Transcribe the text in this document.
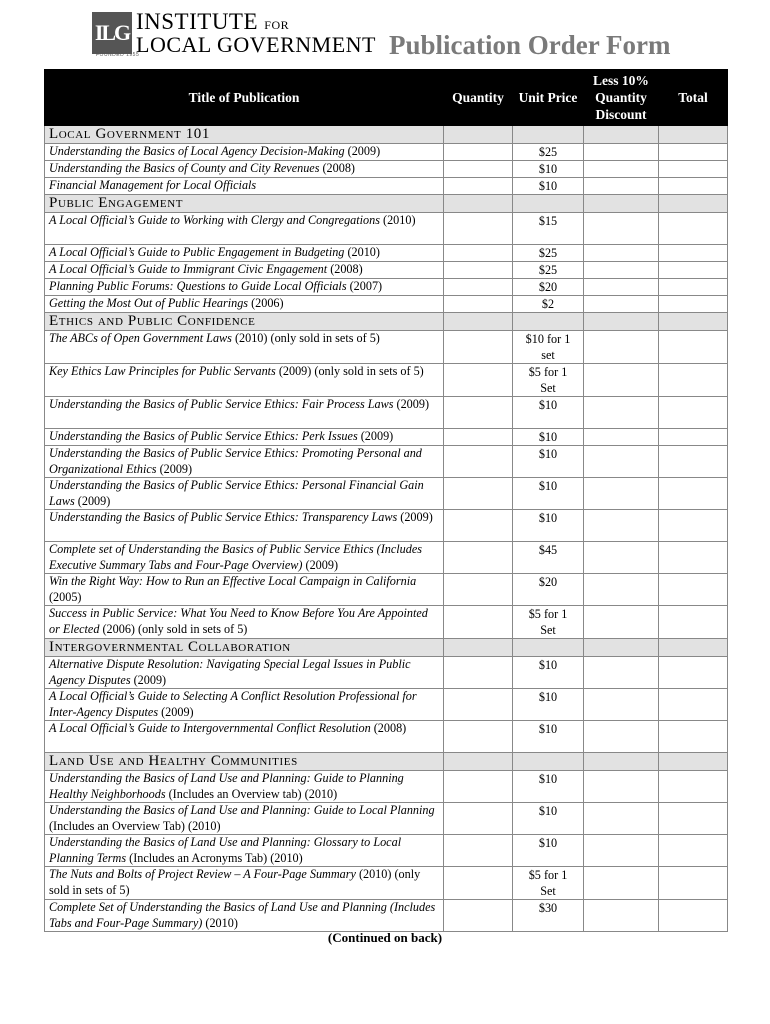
ILG
FOUNDED 1955
INSTITUTE FOR
LOCAL GOVERNMENT Publication Order Form
Title of Publication	Quantity	Unit Price	Less 10% Quantity Discount	Total
Local Government 101				
Understanding the Basics of Local Agency Decision-Making (2009)		$25		

Understanding the Basics of County and City Revenues (2008)		$10		

Financial Management for Local Officials		$10		

Public Engagement				
A Local Official’s Guide to Working with Clergy and Congregations (2010)		$15		

A Local Official’s Guide to Public Engagement in Budgeting (2010)		$25		

A Local Official’s Guide to Immigrant Civic Engagement (2008)		$25		

Planning Public Forums: Questions to Guide Local Officials (2007)		$20		

Getting the Most Out of Public Hearings (2006)		$2		

Ethics and Public Confidence				
The ABCs of Open Government Laws (2010) (only sold in sets of 5)		$10 for 1 set		

Key Ethics Law Principles for Public Servants (2009) (only sold in sets of 5)		$5 for 1 Set		

Understanding the Basics of Public Service Ethics: Fair Process Laws (2009)		$10		

Understanding the Basics of Public Service Ethics: Perk Issues (2009)		$10		

Understanding the Basics of Public Service Ethics: Promoting Personal and Organizational Ethics (2009)		$10		

Understanding the Basics of Public Service Ethics: Personal Financial Gain Laws (2009)		$10		

Understanding the Basics of Public Service Ethics: Transparency Laws (2009)		$10		

Complete set of Understanding the Basics of Public Service Ethics (Includes Executive Summary Tabs and Four-Page Overview) (2009)		$45		

Win the Right Way: How to Run an Effective Local Campaign in California (2005)		$20		

Success in Public Service: What You Need to Know Before You Are Appointed or Elected (2006) (only sold in sets of 5)		$5 for 1 Set		

Intergovernmental Collaboration				
Alternative Dispute Resolution: Navigating Special Legal Issues in Public Agency Disputes (2009)		$10		

A Local Official’s Guide to Selecting A Conflict Resolution Professional for Inter-Agency Disputes (2009)		$10		

A Local Official’s Guide to Intergovernmental Conflict Resolution (2008)		$10		

Land Use and Healthy Communities				
Understanding the Basics of Land Use and Planning: Guide to Planning Healthy Neighborhoods (Includes an Overview tab) (2010)		$10		

Understanding the Basics of Land Use and Planning: Guide to Local Planning (Includes an Overview Tab) (2010)		$10		

Understanding the Basics of Land Use and Planning: Glossary to Local Planning Terms (Includes an Acronyms Tab) (2010)		$10		

The Nuts and Bolts of Project Review – A Four-Page Summary (2010) (only sold in sets of 5)		$5 for 1 Set		

Complete Set of Understanding the Basics of Land Use and Planning (Includes Tabs and Four-Page Summary) (2010)		$30		

(Continued on back)
